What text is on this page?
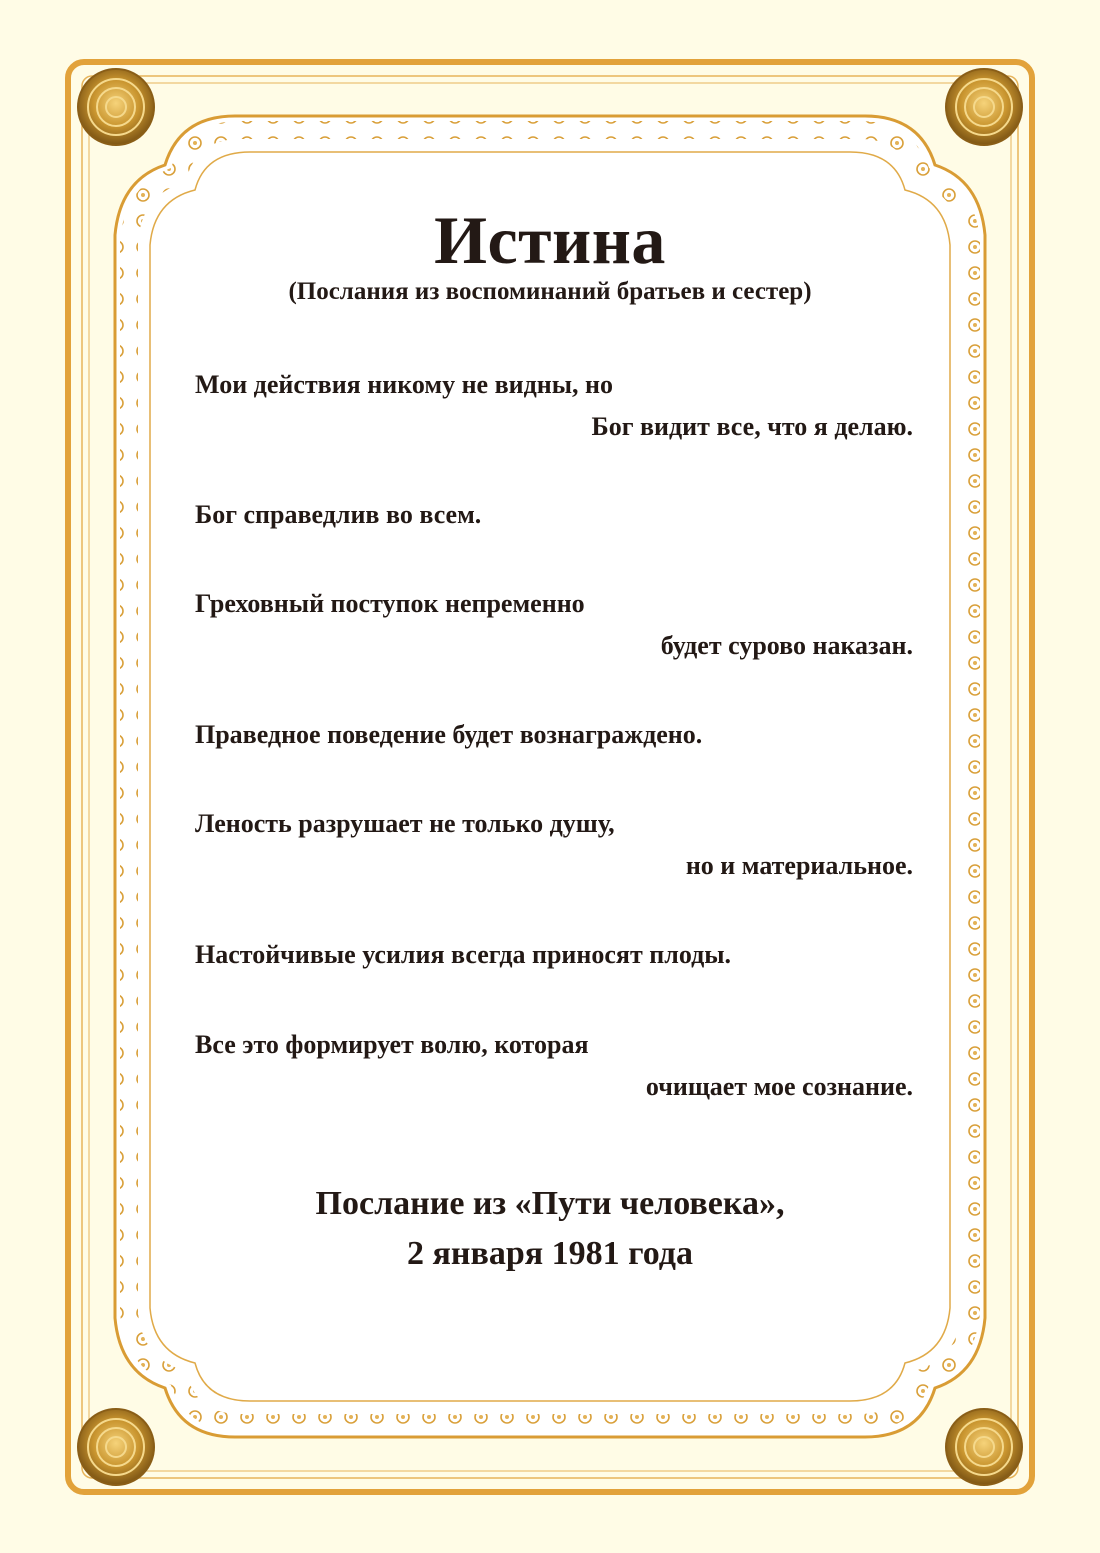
Истина
(Послания из воспоминаний братьев и сестер)
Мои действия никому не видны, но
Бог видит все, что я делаю.
Бог справедлив во всем.
Греховный поступок непременно
будет сурово наказан.
Праведное поведение будет вознаграждено.
Леность разрушает не только душу,
но и материальное.
Настойчивые усилия всегда приносят плоды.
Все это формирует волю, которая
очищает мое сознание.
Послание из «Пути человека»,
2 января 1981 года
